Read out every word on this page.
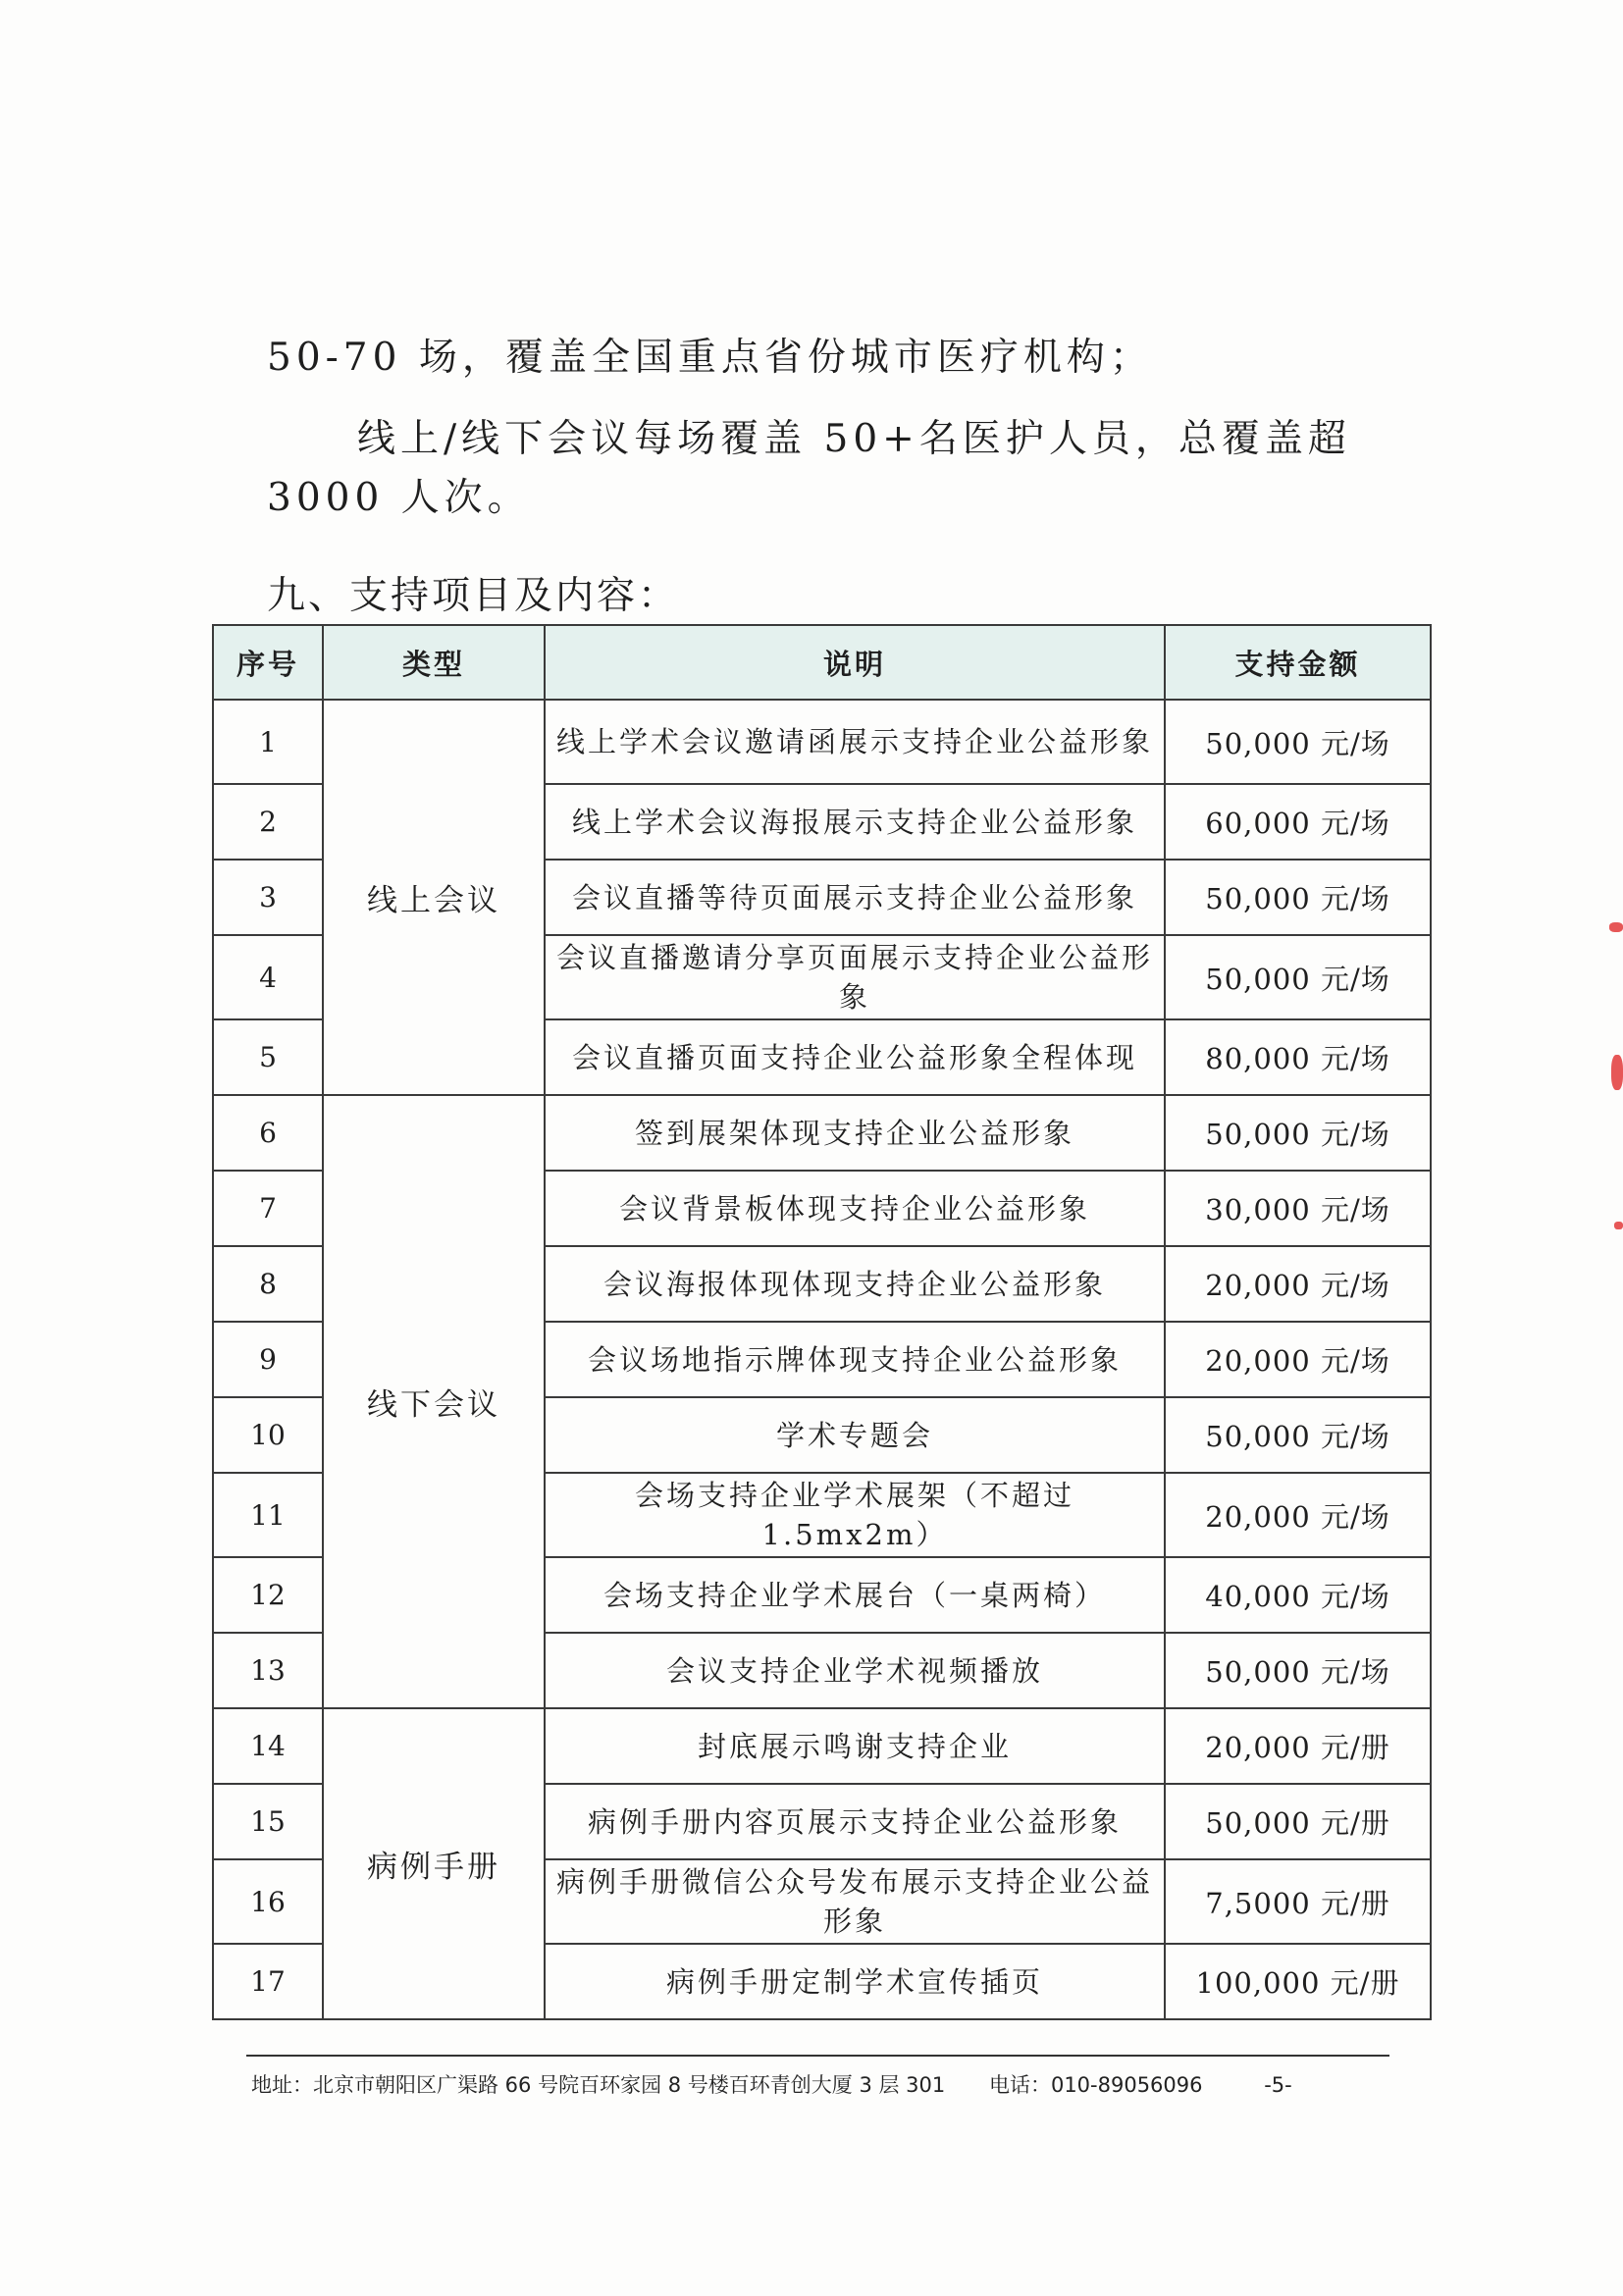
50-70 场，覆盖全国重点省份城市医疗机构；

线上/线下会议每场覆盖 50+名医护人员，总覆盖超 3000 人次。

九、支持项目及内容：
序号	类型	说明	支持金额
1	线上会议	线上学术会议邀请函展示支持企业公益形象	50,000 元/场
2		线上学术会议海报展示支持企业公益形象	60,000 元/场
3		会议直播等待页面展示支持企业公益形象	50,000 元/场
4		会议直播邀请分享页面展示支持企业公益形象	50,000 元/场
5		会议直播页面支持企业公益形象全程体现	80,000 元/场
6	线下会议	签到展架体现支持企业公益形象	50,000 元/场
7		会议背景板体现支持企业公益形象	30,000 元/场
8		会议海报体现体现支持企业公益形象	20,000 元/场
9		会议场地指示牌体现支持企业公益形象	20,000 元/场
10		学术专题会	50,000 元/场
11		会场支持企业学术展架（不超过 1.5mx2m）	20,000 元/场
12		会场支持企业学术展台（一桌两椅）	40,000 元/场
13		会议支持企业学术视频播放	50,000 元/场
14	病例手册	封底展示鸣谢支持企业	20,000 元/册
15		病例手册内容页展示支持企业公益形象	50,000 元/册
16		病例手册微信公众号发布展示支持企业公益形象	7,5000 元/册
17		病例手册定制学术宣传插页	100,000 元/册
地址：北京市朝阳区广渠路 66 号院百环家园 8 号楼百环青创大厦 3 层 301 电话：010-89056096	-5-
